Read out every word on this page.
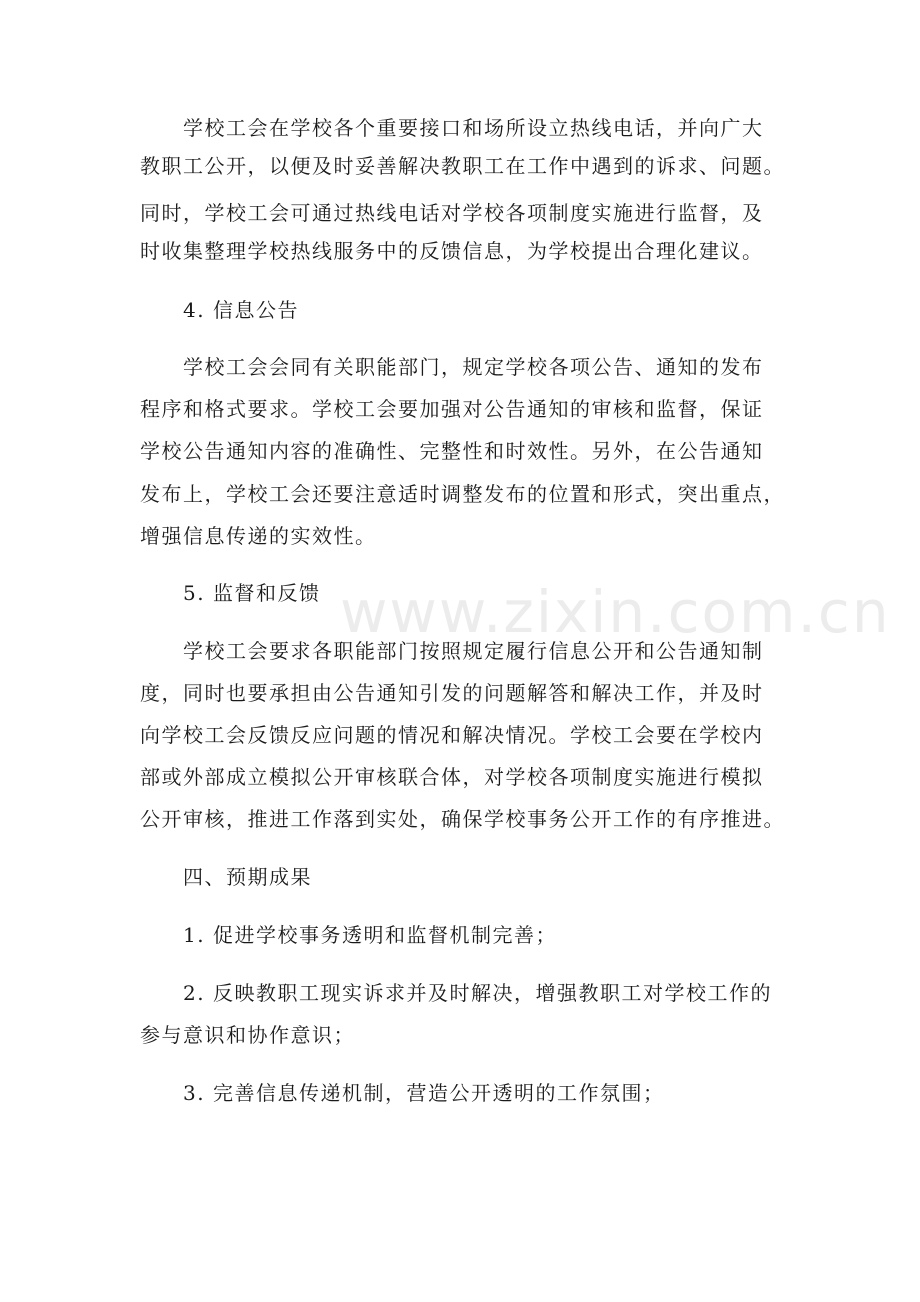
www.zixin.com.cn
学校工会在学校各个重要接口和场所设立热线电话，并向广大
教职工公开，以便及时妥善解决教职工在工作中遇到的诉求、问题。
同时，学校工会可通过热线电话对学校各项制度实施进行监督，及
时收集整理学校热线服务中的反馈信息，为学校提出合理化建议。
4. 信息公告
学校工会会同有关职能部门，规定学校各项公告、通知的发布
程序和格式要求。学校工会要加强对公告通知的审核和监督，保证
学校公告通知内容的准确性、完整性和时效性。另外，在公告通知
发布上，学校工会还要注意适时调整发布的位置和形式，突出重点，
增强信息传递的实效性。
5. 监督和反馈
学校工会要求各职能部门按照规定履行信息公开和公告通知制
度，同时也要承担由公告通知引发的问题解答和解决工作，并及时
向学校工会反馈反应问题的情况和解决情况。学校工会要在学校内
部或外部成立模拟公开审核联合体，对学校各项制度实施进行模拟
公开审核，推进工作落到实处，确保学校事务公开工作的有序推进。
四、预期成果
1. 促进学校事务透明和监督机制完善；
2. 反映教职工现实诉求并及时解决，增强教职工对学校工作的
参与意识和协作意识；
3. 完善信息传递机制，营造公开透明的工作氛围；
